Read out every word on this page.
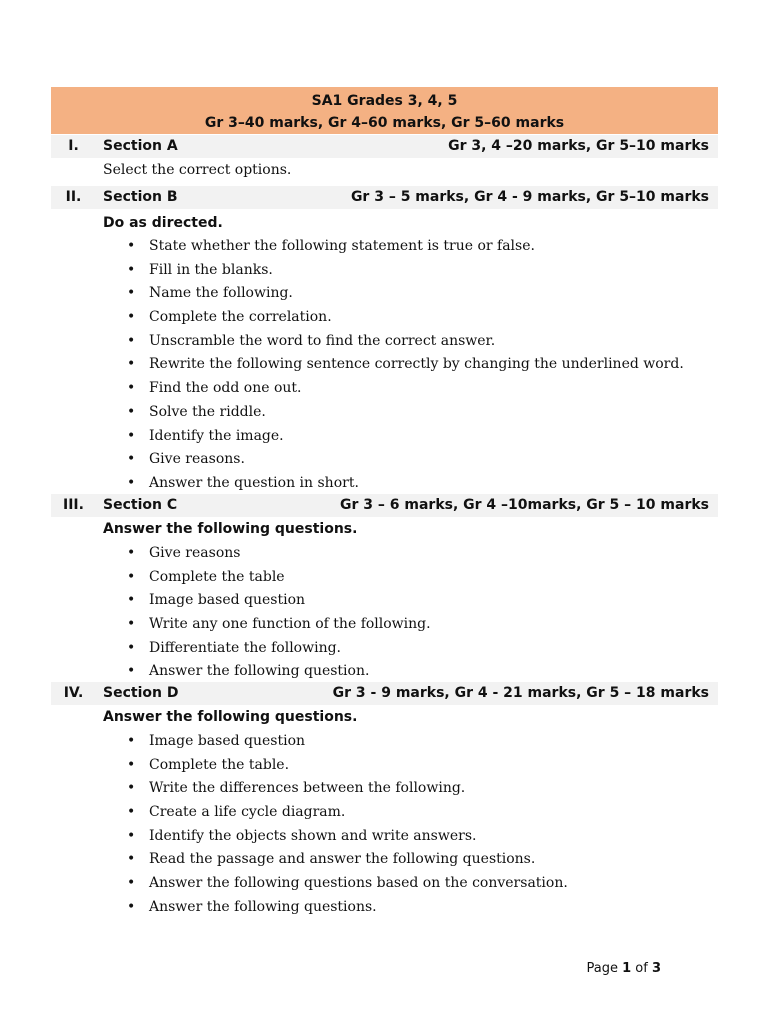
SA1 Grades 3, 4, 5
Gr 3–40 marks, Gr 4–60 marks, Gr 5–60 marks
I.	Section A	Gr 3, 4 –20 marks, Gr 5–10 marks
Select the correct options.
II.	Section B	Gr 3 – 5 marks, Gr 4 - 9 marks, Gr 5–10 marks
Do as directed.
• State whether the following statement is true or false.
• Fill in the blanks.
• Name the following.
• Complete the correlation.
• Unscramble the word to find the correct answer.
• Rewrite the following sentence correctly by changing the underlined word.
• Find the odd one out.
• Solve the riddle.
• Identify the image.
• Give reasons.
• Answer the question in short.
III.	Section C	Gr 3 – 6 marks, Gr 4 –10marks, Gr 5 – 10 marks
Answer the following questions.
• Give reasons
• Complete the table
• Image based question
• Write any one function of the following.
• Differentiate the following.
• Answer the following question.
IV.	Section D	Gr 3 - 9 marks, Gr 4 - 21 marks, Gr 5 – 18 marks
Answer the following questions.
• Image based question
• Complete the table.
• Write the differences between the following.
• Create a life cycle diagram.
• Identify the objects shown and write answers.
• Read the passage and answer the following questions.
• Answer the following questions based on the conversation.
• Answer the following questions.
Page 1 of 3
